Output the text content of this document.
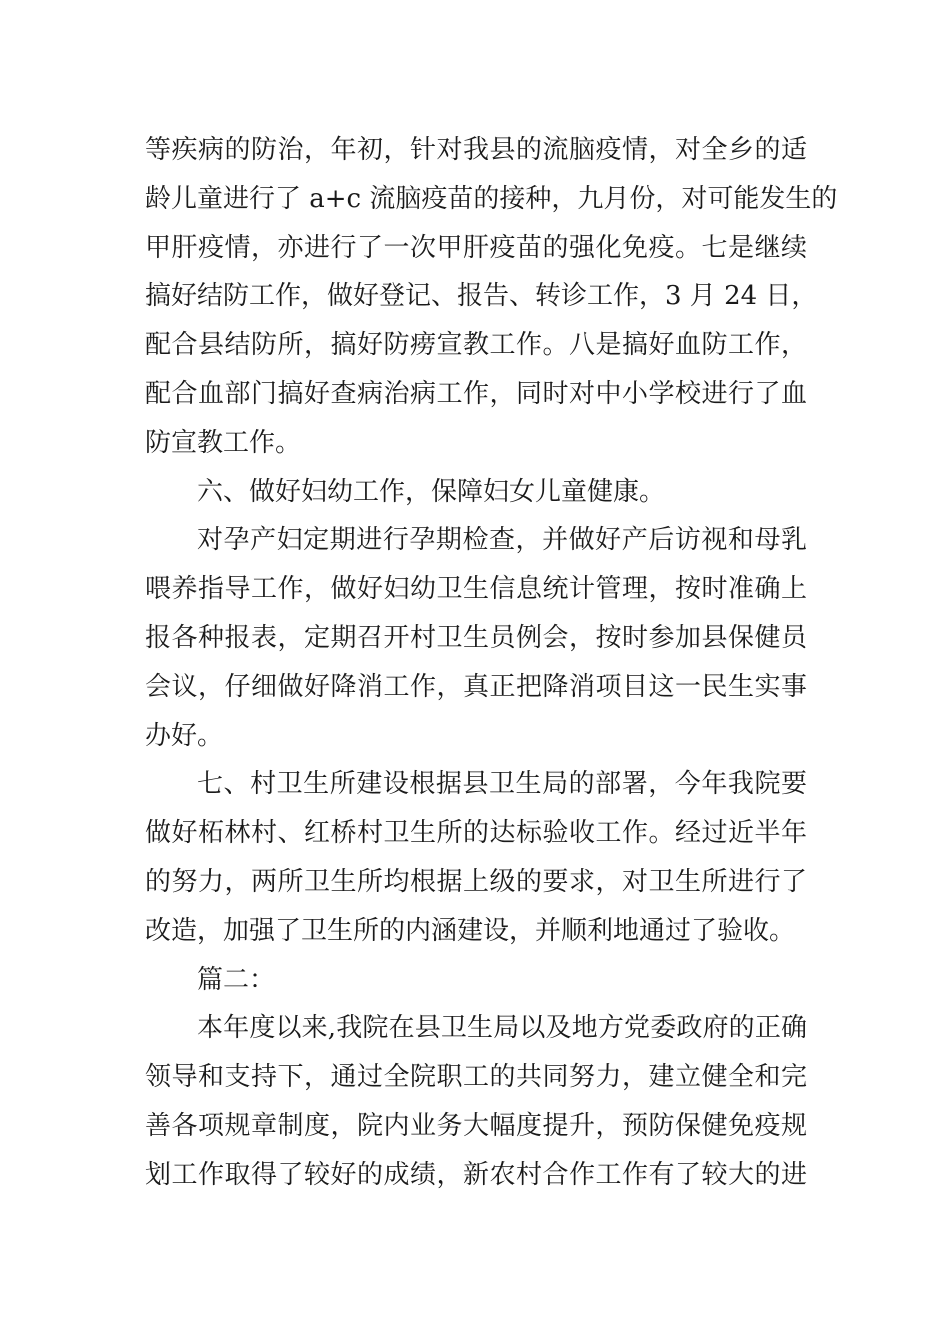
等疾病的防治，年初，针对我县的流脑疫情，对全乡的适
龄儿童进行了 a+c 流脑疫苗的接种，九月份，对可能发生的
甲肝疫情，亦进行了一次甲肝疫苗的强化免疫。七是继续
搞好结防工作，做好登记、报告、转诊工作，3 月 24 日，
配合县结防所，搞好防痨宣教工作。八是搞好血防工作，
配合血部门搞好查病治病工作，同时对中小学校进行了血
防宣教工作。
六、做好妇幼工作，保障妇女儿童健康。
对孕产妇定期进行孕期检查，并做好产后访视和母乳
喂养指导工作，做好妇幼卫生信息统计管理，按时准确上
报各种报表，定期召开村卫生员例会，按时参加县保健员
会议，仔细做好降消工作，真正把降消项目这一民生实事
办好。
七、村卫生所建设根据县卫生局的部署，今年我院要
做好柘林村、红桥村卫生所的达标验收工作。经过近半年
的努力，两所卫生所均根据上级的要求，对卫生所进行了
改造，加强了卫生所的内涵建设，并顺利地通过了验收。
篇二：
本年度以来,我院在县卫生局以及地方党委政府的正确
领导和支持下，通过全院职工的共同努力，建立健全和完
善各项规章制度，院内业务大幅度提升，预防保健免疫规
划工作取得了较好的成绩，新农村合作工作有了较大的进
